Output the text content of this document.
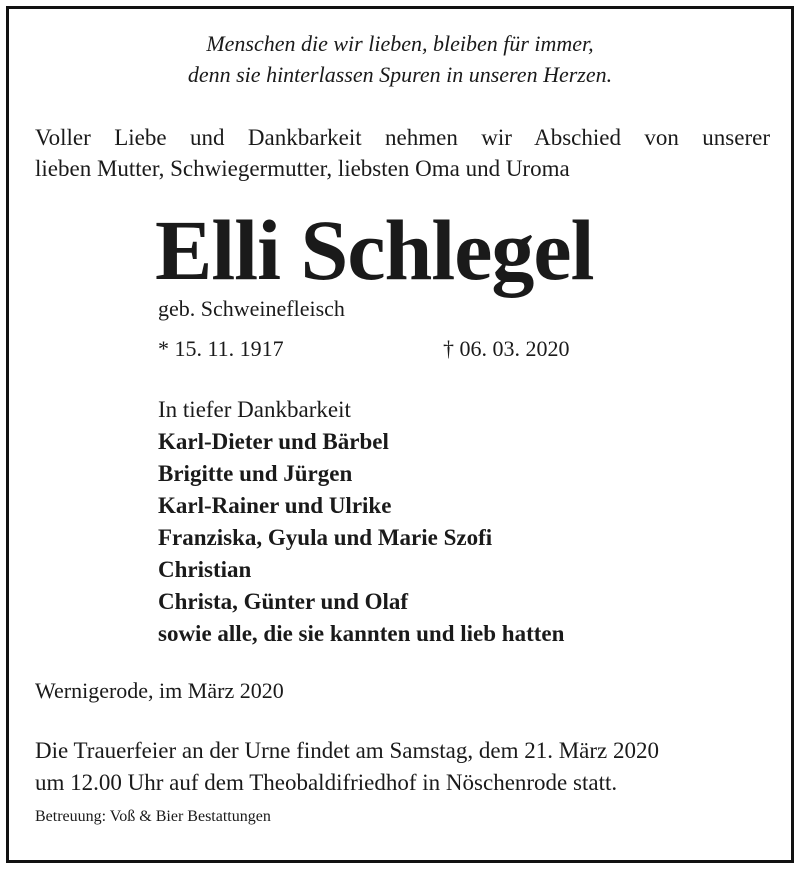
Menschen die wir lieben, bleiben für immer,
denn sie hinterlassen Spuren in unseren Herzen.
Voller Liebe und Dankbarkeit nehmen wir Abschied von unserer
lieben Mutter, Schwiegermutter, liebsten Oma und Uroma
Elli Schlegel
geb. Schweinefleisch
* 15. 11. 1917	† 06. 03. 2020
In tiefer Dankbarkeit
Karl-Dieter und Bärbel
Brigitte und Jürgen
Karl-Rainer und Ulrike
Franziska, Gyula und Marie Szofi
Christian
Christa, Günter und Olaf
sowie alle, die sie kannten und lieb hatten
Wernigerode, im März 2020
Die Trauerfeier an der Urne findet am Samstag, dem 21. März 2020
um 12.00 Uhr auf dem Theobaldifriedhof in Nöschenrode statt.
Betreuung: Voß & Bier Bestattungen
